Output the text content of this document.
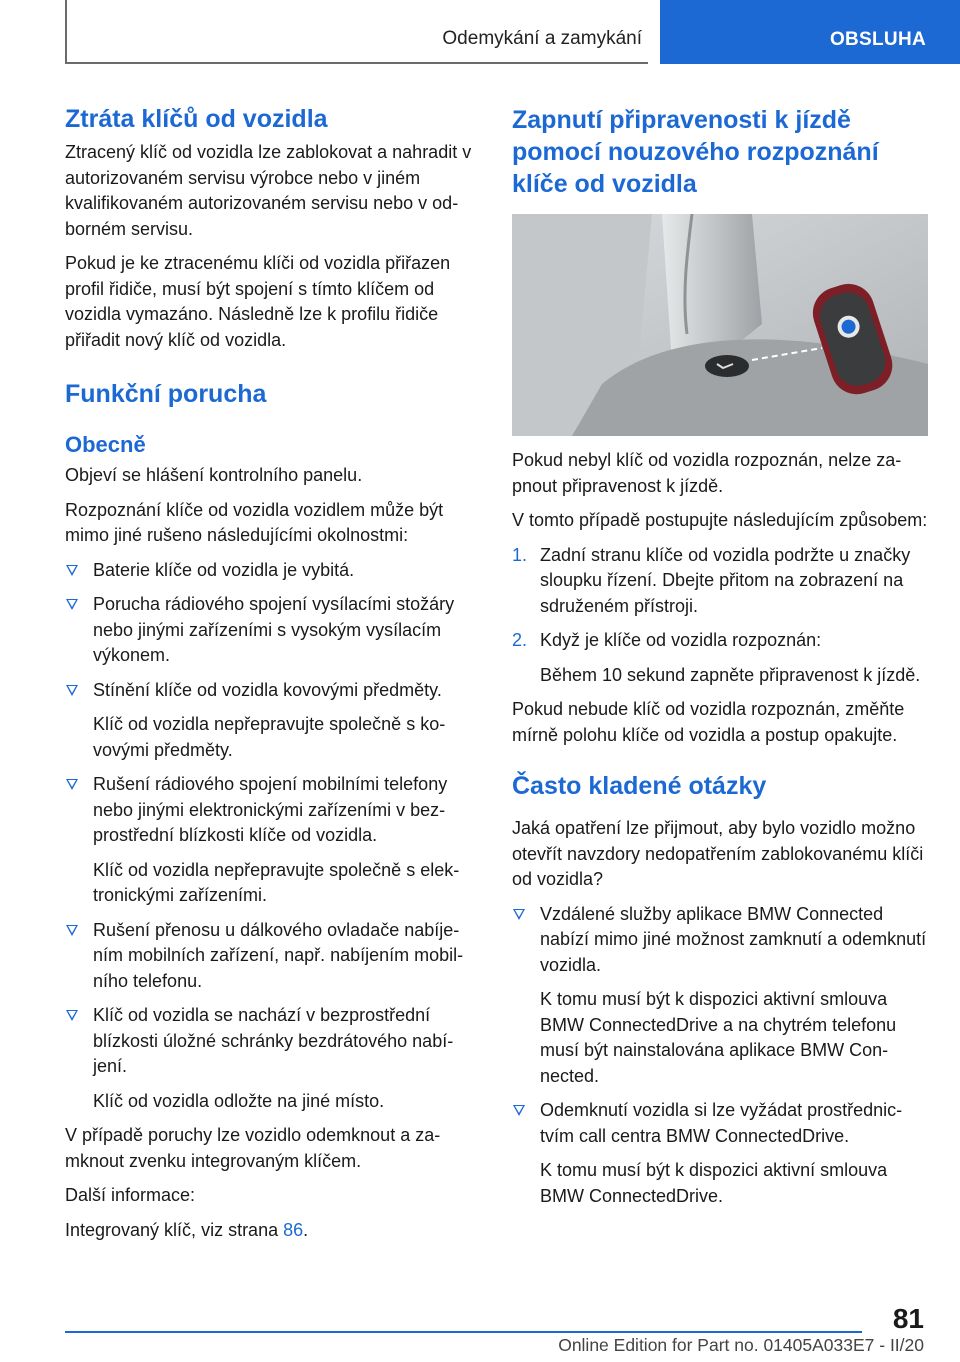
Odemykání a zamykání	OBSLUHA
Ztráta klíčů od vozidla

Ztracený klíč od vozidla lze zablokovat a nahradit v autorizovaném servisu výrobce nebo v jiném kvalifikovaném autorizovaném servisu nebo v odborném servisu.

Pokud je ke ztracenému klíči od vozidla přiřazen profil řidiče, musí být spojení s tímto klíčem od vozidla vymazáno. Následně lze k profilu řidiče přiřadit nový klíč od vozidla.

Funkční porucha
Obecně

Objeví se hlášení kontrolního panelu.

Rozpoznání klíče od vozidla vozidlem může být mimo jiné rušeno následujícími okolnostmi:

Baterie klíče od vozidla je vybitá.

Porucha rádiového spojení vysílacími stožáry nebo jinými zařízeními s vysokým vysílacím výkonem.

Stínění klíče od vozidla kovovými předměty.

Klíč od vozidla nepřepravujte společně s kovovými předměty.

Rušení rádiového spojení mobilními telefony nebo jinými elektronickými zařízeními v bezprostřední blízkosti klíče od vozidla.

Klíč od vozidla nepřepravujte společně s elektronickými zařízeními.

Rušení přenosu u dálkového ovladače nabíjením mobilních zařízení, např. nabíjením mobilního telefonu.

Klíč od vozidla se nachází v bezprostřední blízkosti úložné schránky bezdrátového nabíjení.

Klíč od vozidla odložte na jiné místo.

V případě poruchy lze vozidlo odemknout a zamknout zvenku integrovaným klíčem.

Další informace:

Integrovaný klíč, viz strana 86.

Zapnutí připravenosti k jízdě pomocí nouzového rozpoznání klíče od vozidla

Pokud nebyl klíč od vozidla rozpoznán, nelze zapnout připravenost k jízdě.

V tomto případě postupujte následujícím způsobem:

1. Zadní stranu klíče od vozidla podržte u značky sloupku řízení. Dbejte přitom na zobrazení na sdruženém přístroji.

2. Když je klíče od vozidla rozpoznán:

Během 10 sekund zapněte připravenost k jízdě.

Pokud nebude klíč od vozidla rozpoznán, změňte mírně polohu klíče od vozidla a postup opakujte.

Často kladené otázky

Jaká opatření lze přijmout, aby bylo vozidlo možno otevřít navzdory nedopatřením zablokovanému klíči od vozidla?

Vzdálené služby aplikace BMW Connected nabízí mimo jiné možnost zamknutí a odemknutí vozidla.

K tomu musí být k dispozici aktivní smlouva BMW ConnectedDrive a na chytrém telefonu musí být nainstalována aplikace BMW Connected.

Odemknutí vozidla si lze vyžádat prostřednictvím call centra BMW ConnectedDrive.

K tomu musí být k dispozici aktivní smlouva BMW ConnectedDrive.

81
Online Edition for Part no. 01405A033E7 - II/20
